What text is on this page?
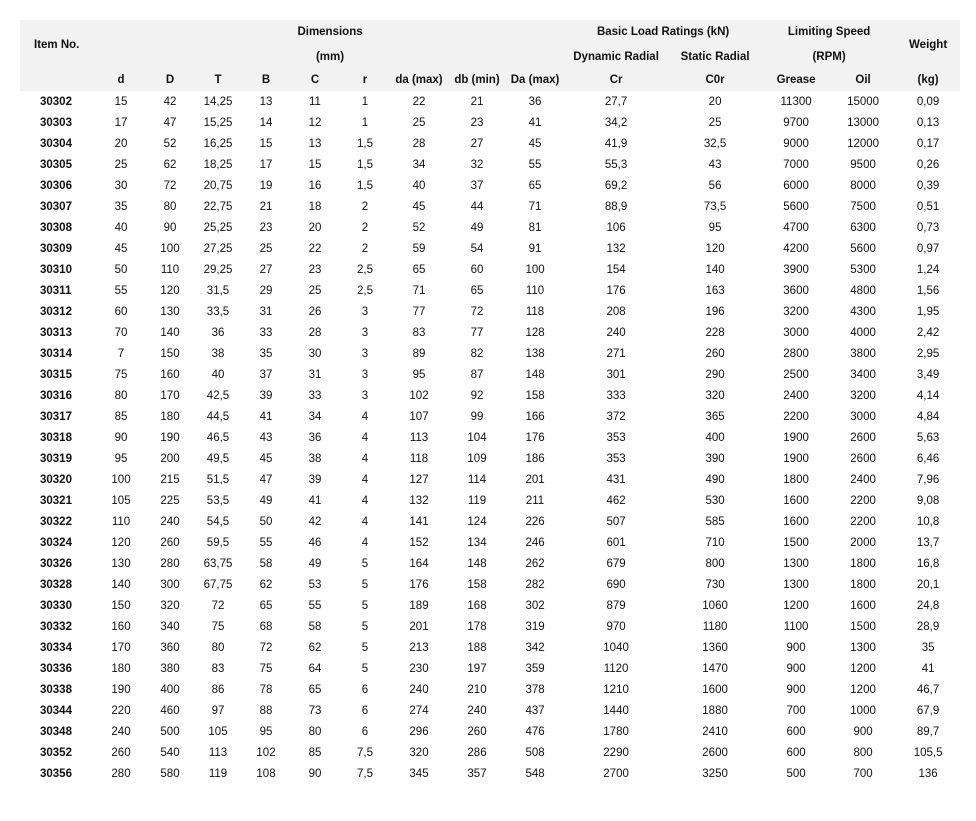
Item No.	Dimensions									Basic Load Ratings (kN)		Limiting Speed		Weight
	(mm)									Dynamic Radial	Static Radial	(RPM)		
	d	D	T	B	C	r	da (max)	db (min)	Da (max)	Cr	C0r	Grease	Oil	(kg)
30302	15	42	14,25	13	11	1	22	21	36	27,7	20	11300	15000	0,09
30303	17	47	15,25	14	12	1	25	23	41	34,2	25	9700	13000	0,13
30304	20	52	16,25	15	13	1,5	28	27	45	41,9	32,5	9000	12000	0,17
30305	25	62	18,25	17	15	1,5	34	32	55	55,3	43	7000	9500	0,26
30306	30	72	20,75	19	16	1,5	40	37	65	69,2	56	6000	8000	0,39
30307	35	80	22,75	21	18	2	45	44	71	88,9	73,5	5600	7500	0,51
30308	40	90	25,25	23	20	2	52	49	81	106	95	4700	6300	0,73
30309	45	100	27,25	25	22	2	59	54	91	132	120	4200	5600	0,97
30310	50	110	29,25	27	23	2,5	65	60	100	154	140	3900	5300	1,24
30311	55	120	31,5	29	25	2,5	71	65	110	176	163	3600	4800	1,56
30312	60	130	33,5	31	26	3	77	72	118	208	196	3200	4300	1,95
30313	70	140	36	33	28	3	83	77	128	240	228	3000	4000	2,42
30314	7	150	38	35	30	3	89	82	138	271	260	2800	3800	2,95
30315	75	160	40	37	31	3	95	87	148	301	290	2500	3400	3,49
30316	80	170	42,5	39	33	3	102	92	158	333	320	2400	3200	4,14
30317	85	180	44,5	41	34	4	107	99	166	372	365	2200	3000	4,84
30318	90	190	46,5	43	36	4	113	104	176	353	400	1900	2600	5,63
30319	95	200	49,5	45	38	4	118	109	186	353	390	1900	2600	6,46
30320	100	215	51,5	47	39	4	127	114	201	431	490	1800	2400	7,96
30321	105	225	53,5	49	41	4	132	119	211	462	530	1600	2200	9,08
30322	110	240	54,5	50	42	4	141	124	226	507	585	1600	2200	10,8
30324	120	260	59,5	55	46	4	152	134	246	601	710	1500	2000	13,7
30326	130	280	63,75	58	49	5	164	148	262	679	800	1300	1800	16,8
30328	140	300	67,75	62	53	5	176	158	282	690	730	1300	1800	20,1
30330	150	320	72	65	55	5	189	168	302	879	1060	1200	1600	24,8
30332	160	340	75	68	58	5	201	178	319	970	1180	1100	1500	28,9
30334	170	360	80	72	62	5	213	188	342	1040	1360	900	1300	35
30336	180	380	83	75	64	5	230	197	359	1120	1470	900	1200	41
30338	190	400	86	78	65	6	240	210	378	1210	1600	900	1200	46,7
30344	220	460	97	88	73	6	274	240	437	1440	1880	700	1000	67,9
30348	240	500	105	95	80	6	296	260	476	1780	2410	600	900	89,7
30352	260	540	113	102	85	7,5	320	286	508	2290	2600	600	800	105,5
30356	280	580	119	108	90	7,5	345	357	548	2700	3250	500	700	136
